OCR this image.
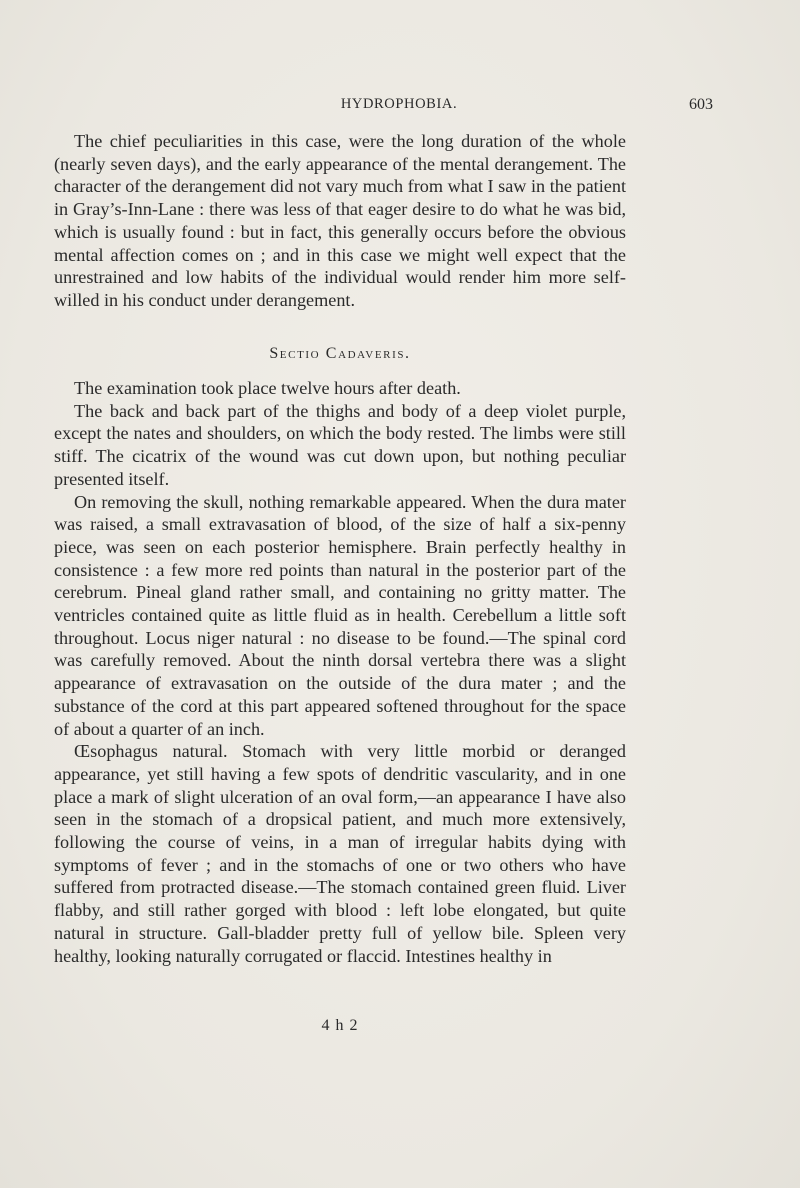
HYDROPHOBIA.	603

The chief peculiarities in this case, were the long duration of the whole (nearly seven days), and the early appearance of the mental derangement. The character of the derangement did not vary much from what I saw in the patient in Gray’s-Inn-Lane : there was less of that eager desire to do what he was bid, which is usually found : but in fact, this generally occurs before the obvious mental affection comes on ; and in this case we might well expect that the unrestrained and low habits of the individual would render him more self-willed in his conduct under derangement.

Sectio Cadaveris.

The examination took place twelve hours after death.

The back and back part of the thighs and body of a deep violet purple, except the nates and shoulders, on which the body rested. The limbs were still stiff. The cicatrix of the wound was cut down upon, but nothing peculiar presented itself.

On removing the skull, nothing remarkable appeared. When the dura mater was raised, a small extravasation of blood, of the size of half a six-penny piece, was seen on each posterior hemisphere. Brain perfectly healthy in consistence : a few more red points than natural in the posterior part of the cerebrum. Pineal gland rather small, and containing no gritty matter. The ventricles contained quite as little fluid as in health. Cerebellum a little soft throughout. Locus niger natural : no disease to be found.—The spinal cord was carefully removed. About the ninth dorsal vertebra there was a slight appearance of extravasation on the outside of the dura mater ; and the substance of the cord at this part appeared softened throughout for the space of about a quarter of an inch.

Œsophagus natural. Stomach with very little morbid or deranged appearance, yet still having a few spots of dendritic vascularity, and in one place a mark of slight ulceration of an oval form,—an appearance I have also seen in the stomach of a dropsical patient, and much more extensively, following the course of veins, in a man of irregular habits dying with symptoms of fever ; and in the stomachs of one or two others who have suffered from protracted disease.—The stomach contained green fluid. Liver flabby, and still rather gorged with blood : left lobe elongated, but quite natural in structure. Gall-bladder pretty full of yellow bile. Spleen very healthy, looking naturally corrugated or flaccid. Intestines healthy in

4 h 2
